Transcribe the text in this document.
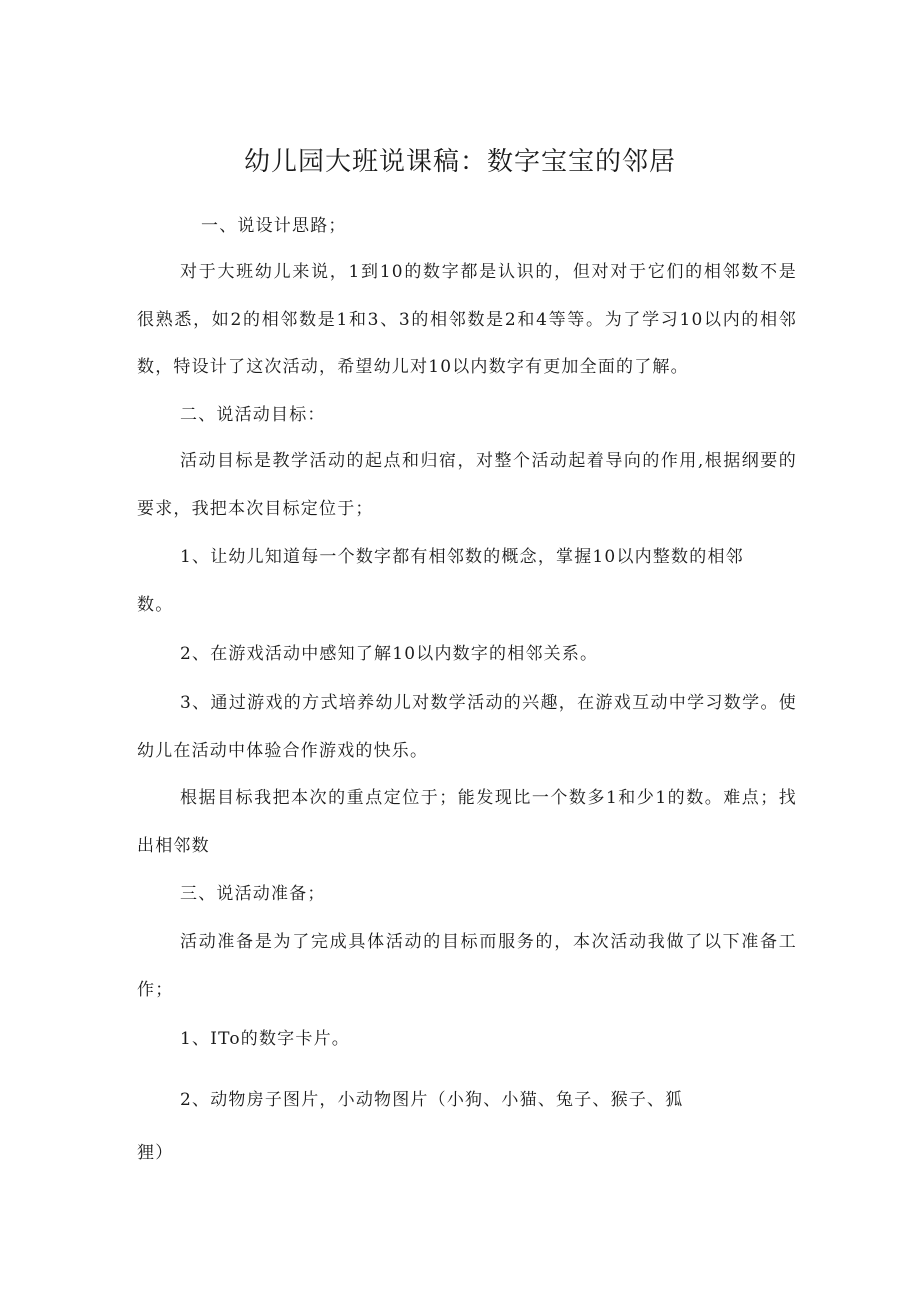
幼儿园大班说课稿：数字宝宝的邻居

一、说设计思路；

对于大班幼儿来说，1到10的数字都是认识的，但对对于它们的相邻数不是很熟悉，如2的相邻数是1和3、3的相邻数是2和4等等。为了学习10以内的相邻数，特设计了这次活动，希望幼儿对10以内数字有更加全面的了解。

二、说活动目标：

活动目标是教学活动的起点和归宿，对整个活动起着导向的作用,根据纲要的要求，我把本次目标定位于；

1、让幼儿知道每一个数字都有相邻数的概念，掌握10以内整数的相邻

数。

2、在游戏活动中感知了解10以内数字的相邻关系。

3、通过游戏的方式培养幼儿对数学活动的兴趣，在游戏互动中学习数学。使幼儿在活动中体验合作游戏的快乐。

根据目标我把本次的重点定位于；能发现比一个数多1和少1的数。难点；找出相邻数

三、说活动准备；

活动准备是为了完成具体活动的目标而服务的，本次活动我做了以下准备工作；

1、ITo的数字卡片。

2、动物房子图片，小动物图片（小狗、小猫、兔子、猴子、狐

狸）
